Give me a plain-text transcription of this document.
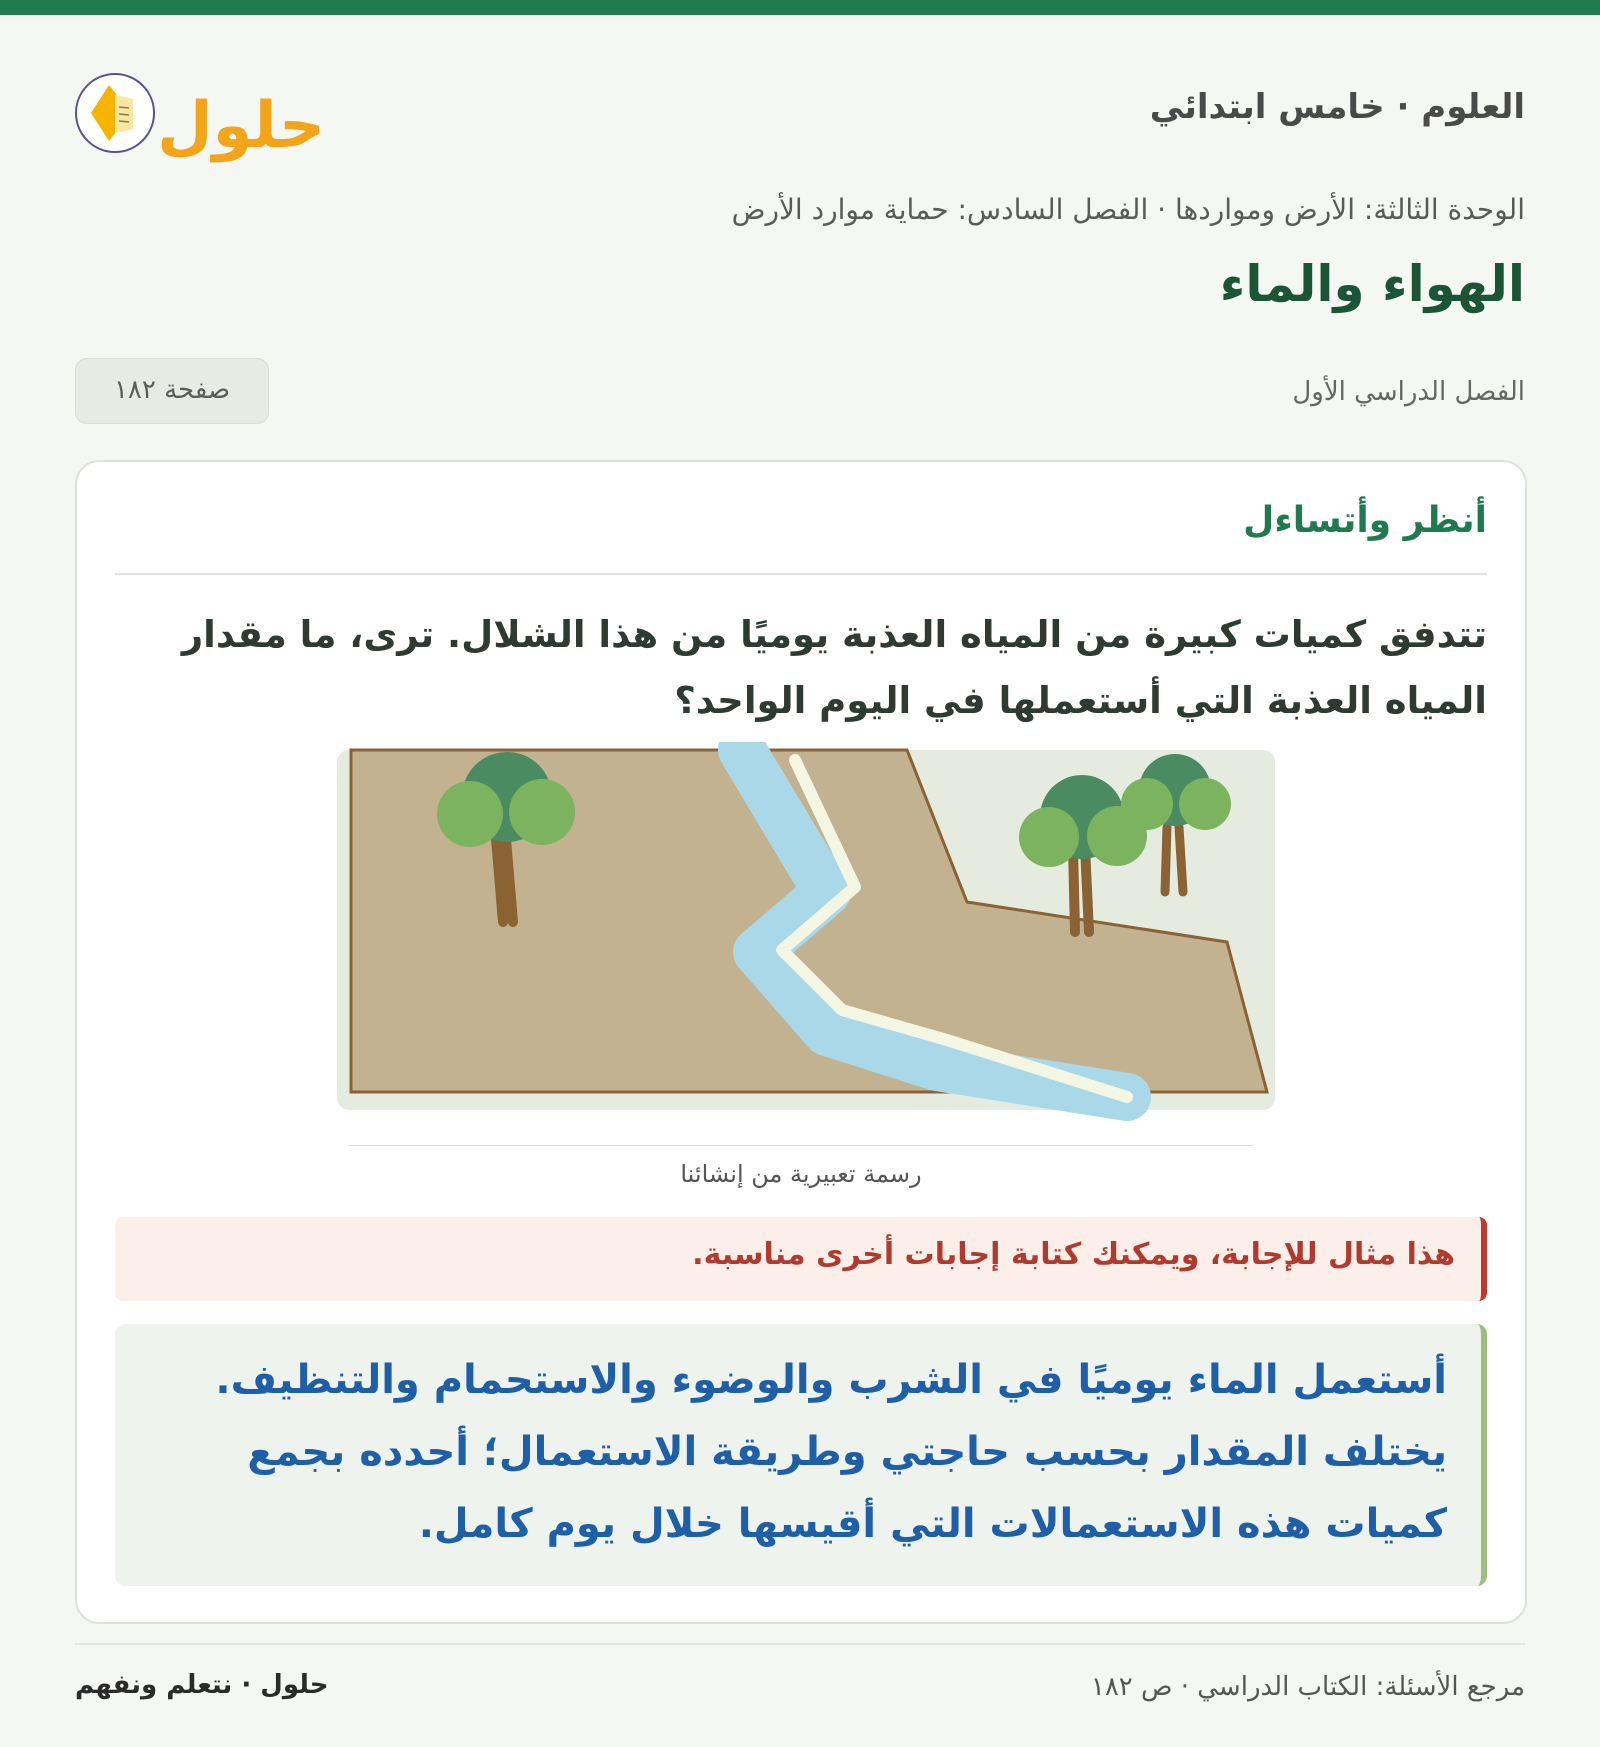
العلوم · خامس ابتدائي
حلول
الوحدة الثالثة: الأرض ومواردها · الفصل السادس: حماية موارد الأرض
الهواء والماء
الفصل الدراسي الأول
صفحة ١٨٢
أنظر وأتساءل
تتدفق كميات كبيرة من المياه العذبة يوميًا من هذا الشلال. ترى، ما مقدار المياه العذبة التي أستعملها في اليوم الواحد؟
رسمة تعبيرية من إنشائنا
هذا مثال للإجابة، ويمكنك كتابة إجابات أخرى مناسبة.

أستعمل الماء يوميًا في الشرب والوضوء والاستحمام والتنظيف. يختلف المقدار بحسب حاجتي وطريقة الاستعمال؛ أحدده بجمع كميات هذه الاستعمالات التي أقيسها خلال يوم كامل.

مرجع الأسئلة: الكتاب الدراسي · ص ١٨٢
حلول · نتعلم ونفهم
